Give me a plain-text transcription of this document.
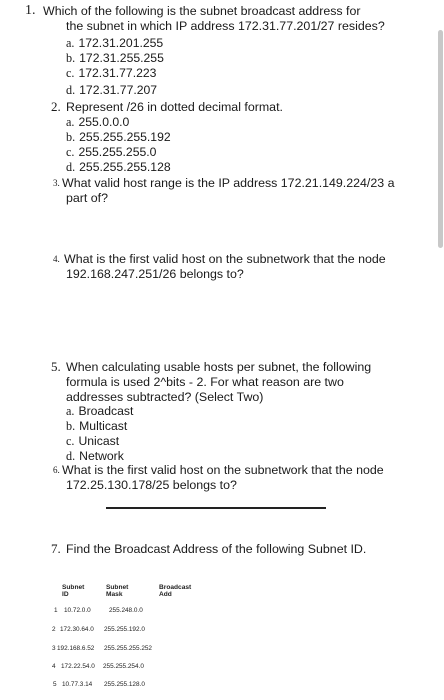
1. Which of the following is the subnet broadcast address for
the subnet in which IP address 172.31.77.201/27 resides?
a. 172.31.201.255
b. 172.31.255.255
c. 172.31.77.223
d. 172.31.77.207
2. Represent /26 in dotted decimal format.
a. 255.0.0.0
b. 255.255.255.192
c. 255.255.255.0
d. 255.255.255.128
3. What valid host range is the IP address 172.21.149.224/23 a
part of?
4. What is the first valid host on the subnetwork that the node
192.168.247.251/26 belongs to?
5. When calculating usable hosts per subnet, the following
formula is used 2^bits - 2. For what reason are two
addresses subtracted? (Select Two)
a. Broadcast
b. Multicast
c. Unicast
d. Network
6. What is the first valid host on the subnetwork that the node
172.25.130.178/25 belongs to?
7. Find the Broadcast Address of the following Subnet ID.
Subnet ID
Subnet Mask
Broadcast Add
1 10.72.0.0	255.248.0.0
2 172.30.64.0 255.255.192.0
3192.168.6.52 255.255.255.252
4 172.22.54.0 255.255.254.0
5 10.77.3.14 255.255.128.0
